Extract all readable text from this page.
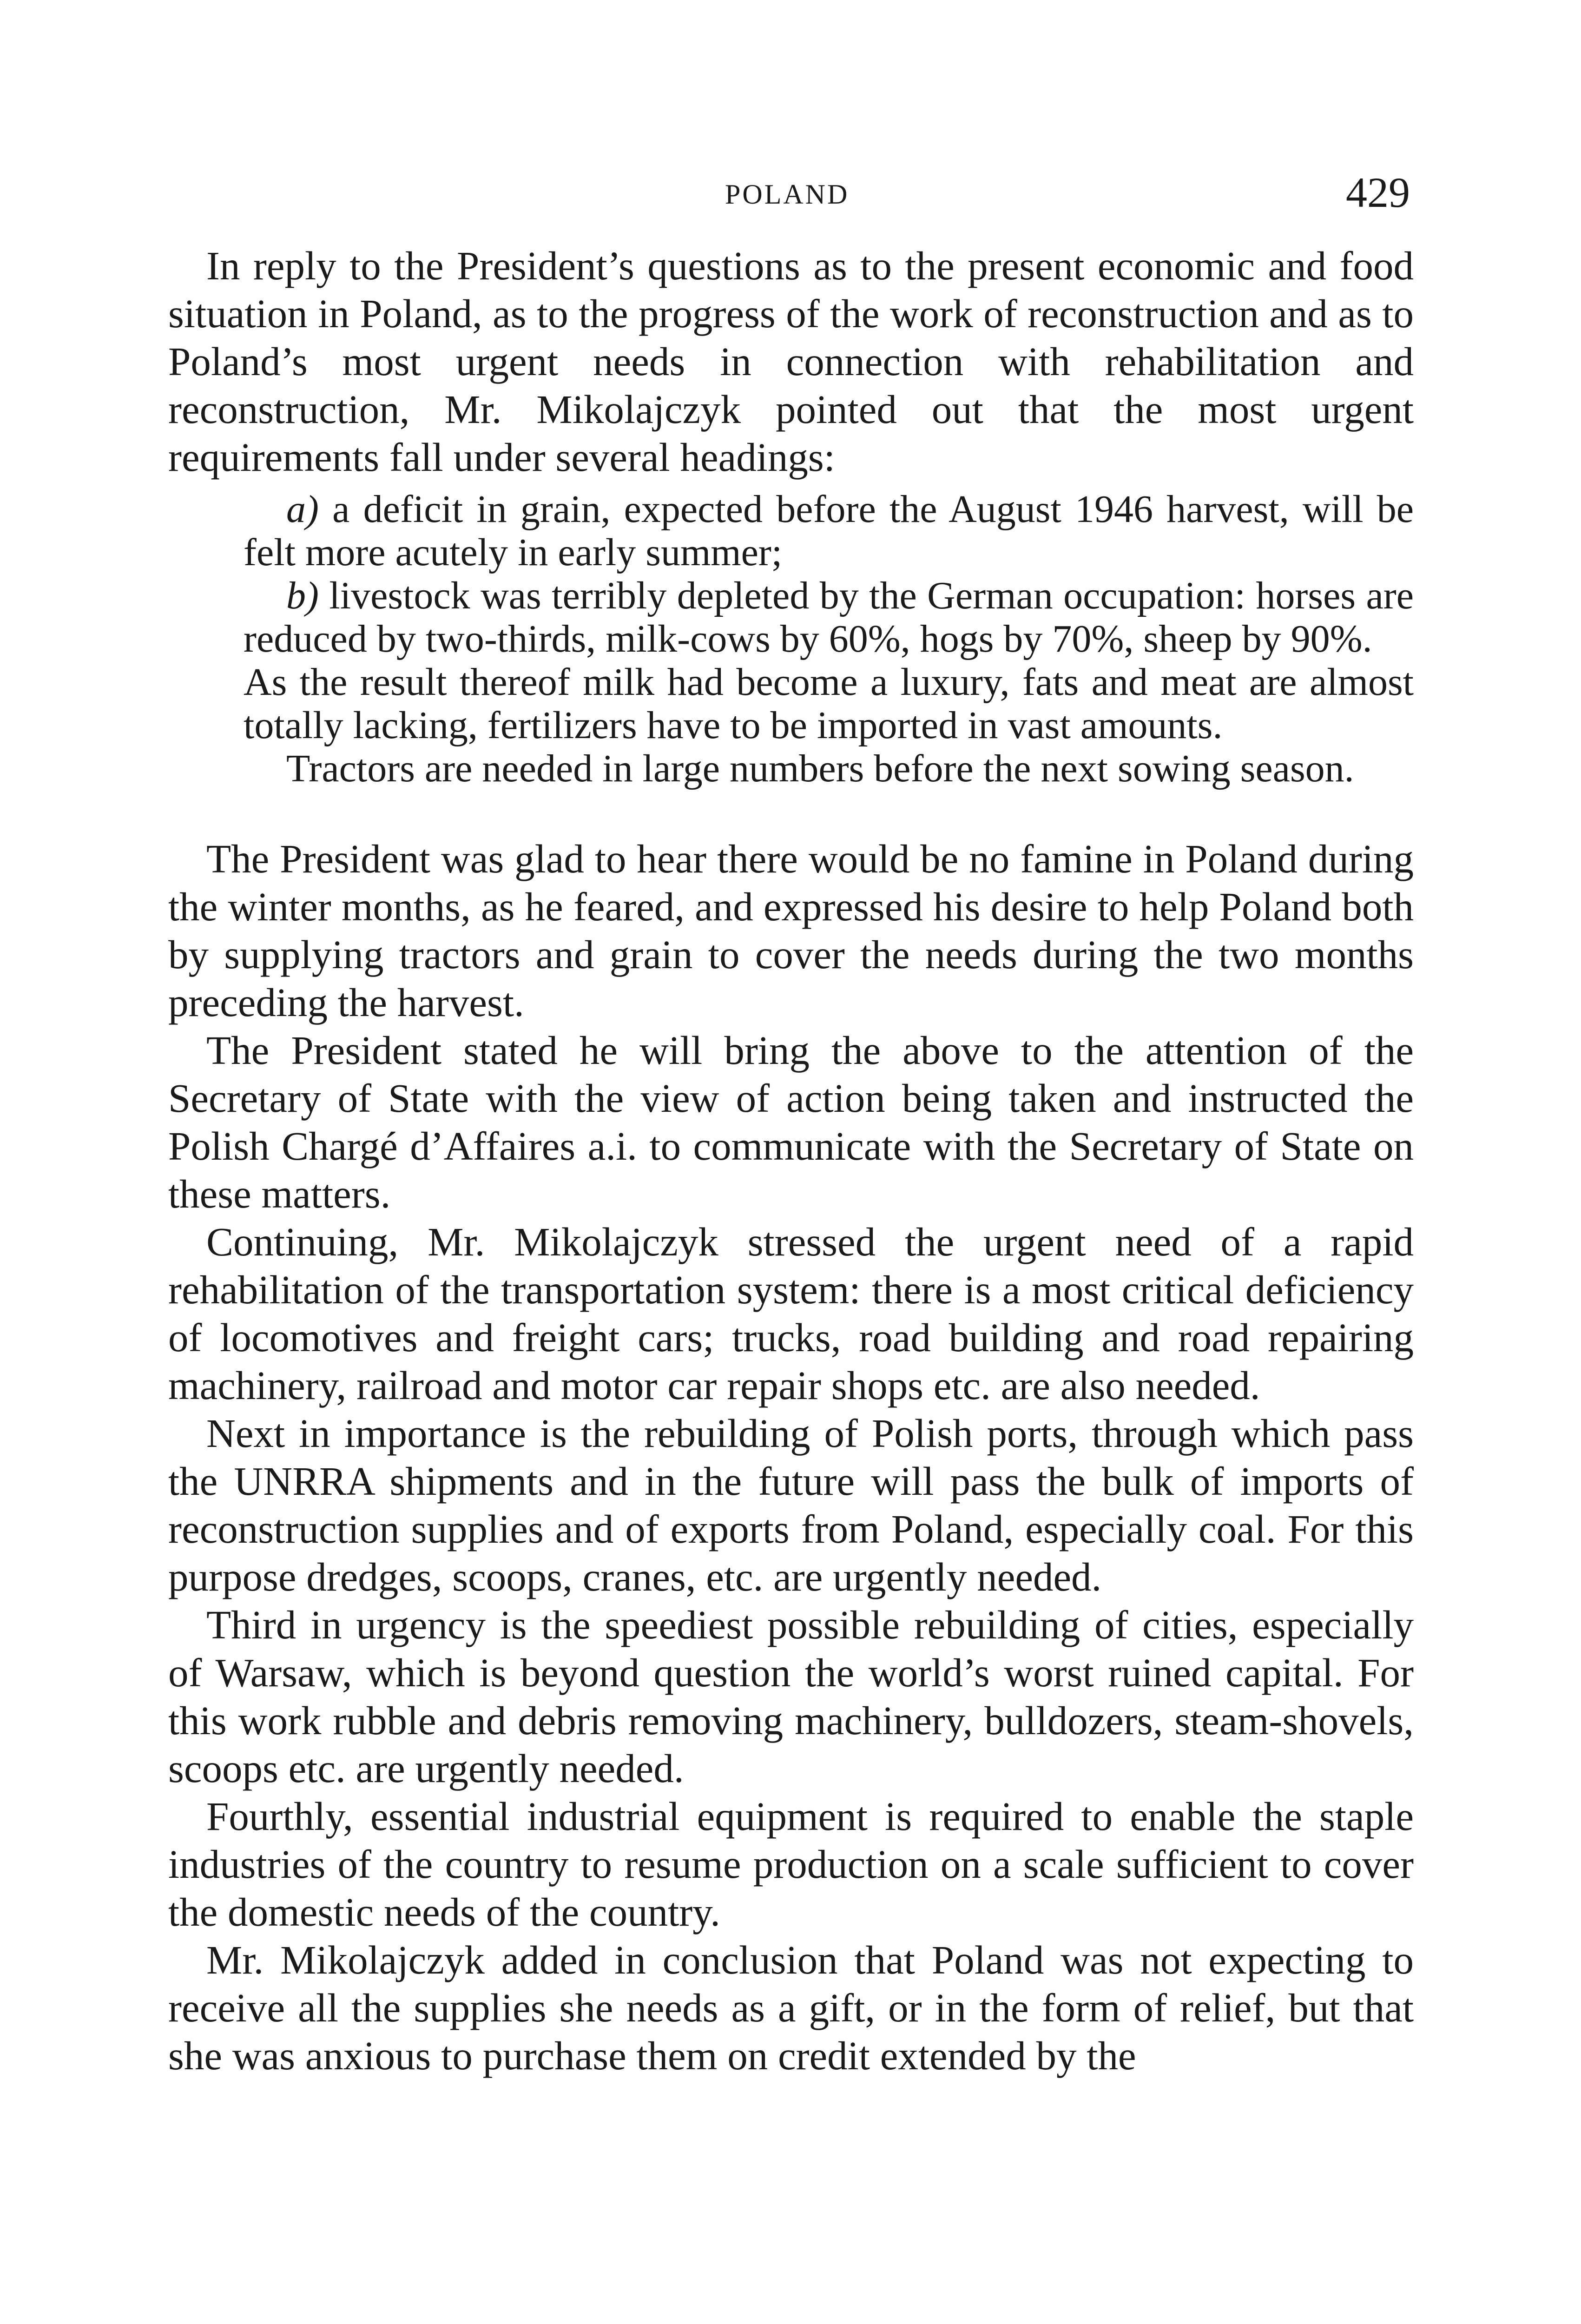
POLAND	429

In reply to the President’s questions as to the present economic and food situation in Poland, as to the progress of the work of reconstruction and as to Poland’s most urgent needs in connection with rehabilitation and reconstruction, Mr. Mikolajczyk pointed out that the most urgent requirements fall under several headings:

a) a deficit in grain, expected before the August 1946 harvest, will be felt more acutely in early summer;

b) livestock was terribly depleted by the German occupation: horses are reduced by two-thirds, milk-cows by 60%, hogs by 70%, sheep by 90%.

As the result thereof milk had become a luxury, fats and meat are almost totally lacking, fertilizers have to be imported in vast amounts.

Tractors are needed in large numbers before the next sowing season.

The President was glad to hear there would be no famine in Poland during the winter months, as he feared, and expressed his desire to help Poland both by supplying tractors and grain to cover the needs during the two months preceding the harvest.

The President stated he will bring the above to the attention of the Secretary of State with the view of action being taken and instructed the Polish Chargé d’Affaires a.i. to communicate with the Secretary of State on these matters.

Continuing, Mr. Mikolajczyk stressed the urgent need of a rapid rehabilitation of the transportation system: there is a most critical deficiency of locomotives and freight cars; trucks, road building and road repairing machinery, railroad and motor car repair shops etc. are also needed.

Next in importance is the rebuilding of Polish ports, through which pass the UNRRA shipments and in the future will pass the bulk of imports of reconstruction supplies and of exports from Poland, especially coal. For this purpose dredges, scoops, cranes, etc. are urgently needed.

Third in urgency is the speediest possible rebuilding of cities, especially of Warsaw, which is beyond question the world’s worst ruined capital. For this work rubble and debris removing machinery, bulldozers, steam-shovels, scoops etc. are urgently needed.

Fourthly, essential industrial equipment is required to enable the staple industries of the country to resume production on a scale sufficient to cover the domestic needs of the country.

Mr. Mikolajczyk added in conclusion that Poland was not expecting to receive all the supplies she needs as a gift, or in the form of relief, but that she was anxious to purchase them on credit extended by the
